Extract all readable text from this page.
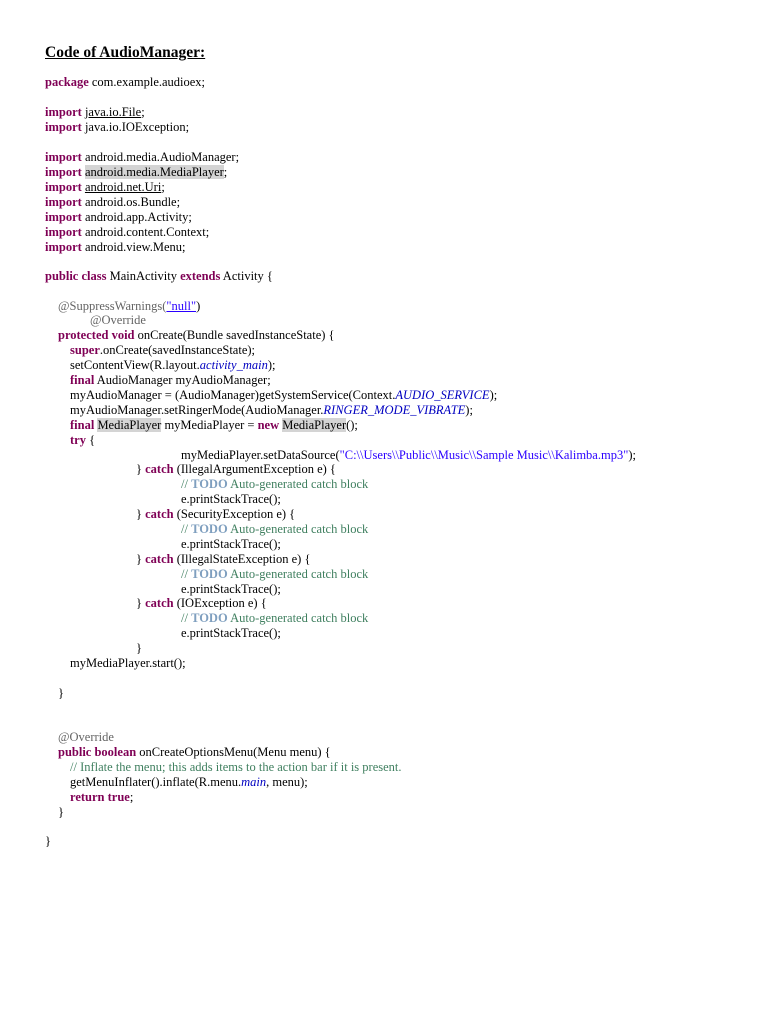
Code of AudioManager:
package com.example.audioex;
import java.io.File;
import java.io.IOException;
import android.media.AudioManager;
import android.media.MediaPlayer;
import android.net.Uri;
import android.os.Bundle;
import android.app.Activity;
import android.content.Context;
import android.view.Menu;
public class MainActivity extends Activity {
@SuppressWarnings("null")
@Override
protected void onCreate(Bundle savedInstanceState) {
super.onCreate(savedInstanceState);
setContentView(R.layout.activity_main);
final AudioManager myAudioManager;
myAudioManager = (AudioManager)getSystemService(Context.AUDIO_SERVICE);
myAudioManager.setRingerMode(AudioManager.RINGER_MODE_VIBRATE);
final MediaPlayer myMediaPlayer = new MediaPlayer();
try {
myMediaPlayer.setDataSource("C:\\Users\\Public\\Music\\Sample Music\\Kalimba.mp3");
} catch (IllegalArgumentException e) {
// TODO Auto-generated catch block
e.printStackTrace();
} catch (SecurityException e) {
// TODO Auto-generated catch block
e.printStackTrace();
} catch (IllegalStateException e) {
// TODO Auto-generated catch block
e.printStackTrace();
} catch (IOException e) {
// TODO Auto-generated catch block
e.printStackTrace();
}
myMediaPlayer.start();
}
@Override
public boolean onCreateOptionsMenu(Menu menu) {
// Inflate the menu; this adds items to the action bar if it is present.
getMenuInflater().inflate(R.menu.main, menu);
return true;
}
}
